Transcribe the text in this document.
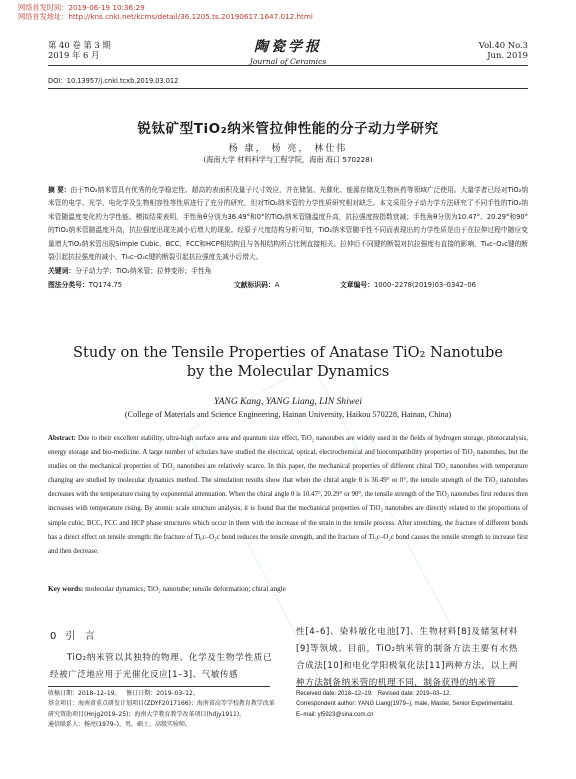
网络首发时间：2019-06-19 10:36:29
网络首发地址：http://kns.cnki.net/kcms/detail/36.1205.ts.20190617.1647.012.html
第 40 卷 第 3 期
2019 年 6 月	陶瓷学报
Journal of Ceramics
Vol.40 No.3
Jun. 2019
DOI：10.13957/j.cnki.tcxb.2019.03.012
锐钛矿型TiO₂纳米管拉伸性能的分子动力学研究
杨 康， 杨 亮， 林仕伟
(海南大学 材料科学与工程学院，海南 海口 570228)
摘 要：由于TiO₂纳米管具有优秀的化学稳定性、超高的表面积及量子尺寸效应，并在储氢、光催化、能源存储及生物医药等领域广泛使用。大量学者已经对TiO₂纳米管的电学、光学、电化学及生物相容性等性质进行了充分的研究，但对TiO₂纳米管的力学性质研究相对缺乏。本文采用分子动力学方法研究了不同手性的TiO₂纳米管随温度变化的力学性能。模拟结果表明，手性角θ分别为36.49°和0°的TiO₂纳米管随温度升高，抗拉强度按指数衰减；手性角θ分别为10.47°、20.29°和90°的TiO₂纳米管随温度升高，抗拉强度出现先减小后增大的现象。经原子尺度结构分析可知，TiO₂纳米管随手性不同而表现出的力学性质是由于在拉伸过程中随应变量增大TiO₂纳米管出现Simple Cubic、BCC、FCC和HCP相结构且与各相结构所占比例直接相关。拉伸后不同键的断裂对抗拉强度有直接的影响，Ti₆c–O₂c键的断裂引起抗拉强度的减小，Ti₅c–O₂c键的断裂引起抗拉强度先减小后增大。
关键词：分子动力学；TiO₂纳米管；拉伸变形；手性角
图法分类号：TQ174.75	文献标识码：A	文章编号：1000–2278(2019)03–0342–06
Study on the Tensile Properties of Anatase TiO₂ Nanotube
by the Molecular Dynamics
YANG Kang, YANG Liang, LIN Shiwei
(College of Materials and Science Engineering, Hainan University, Haikou 570228, Hainan, China)
Abstract: Due to their excellent stability, ultra-high surface area and quantum size effect, TiO₂ nanotubes are widely used in the fields of hydrogen storage, photocatalysis, energy storage and bio-medicine. A large number of scholars have studied the electrical, optical, electrochemical and biocompatibility properties of TiO₂ nanotubes, but the studies on the mechanical properties of TiO₂ nanotubes are relatively scarce. In this paper, the mechanical properties of different chiral TiO₂ nanotubes with temperature changing are studied by molecular dynamics method. The simulation results show that when the chiral angle θ is 36.49° or 0°, the tensile strength of the TiO₂ nanotubes decreases with the temperature rising by exponential attenuation. When the chiral angle θ is 10.47°, 20.29° or 90°, the tensile strength of the TiO₂ nanotubes first reduces then increases with temperature rising. By atomic scale structure analysis, it is found that the mechanical properties of TiO₂ nanotubes are directly related to the proportions of simple cubic, BCC, FCC and HCP phase structures which occur in them with the increase of the strain in the tensile process. After stretching, the fracture of different bonds has a direct effect on tensile strength: the fracture of Ti₆c–O₂c bond reduces the tensile strength, and the fracture of Ti₅c–O₂c bond causes the tensile strength to increase first and then decrease.
Key words: molecular dynamics; TiO₂ nanotube; tensile deformation; chiral angle
0 引 言
TiO₂纳米管以其独特的物理、化学及生物学性质已经被广泛地应用于光催化反应[1–3]、气敏传感
性[4–6]、染料敏化电池[7]、生物材料[8]及储氢材料[9]等领域。目前，TiO₂纳米管的制备方法主要有水热合成法[10]和电化学阳极氧化法[11]两种方法，以上两种方法制备纳米管的机理不同，制备获得的纳米管
收稿日期：2018–12–19。 修订日期：2019–03–12。
基金项目：海南省重点研发计划项目(ZDYF2017166)；海南省高等学校教育教学改革研究资助项目(Hnjg2019–25)；海南大学教育教学改革项目(hdjy1911)。
通信联系人：杨亮(1979–)，男，硕士，高级实验师。
Received date: 2018–12–19. Revised date: 2019–03–12.
Correspondent author: YANG Liang(1979–), male, Master, Senior Experimentalist.
E–mail: yl5923@sina.com.cn
